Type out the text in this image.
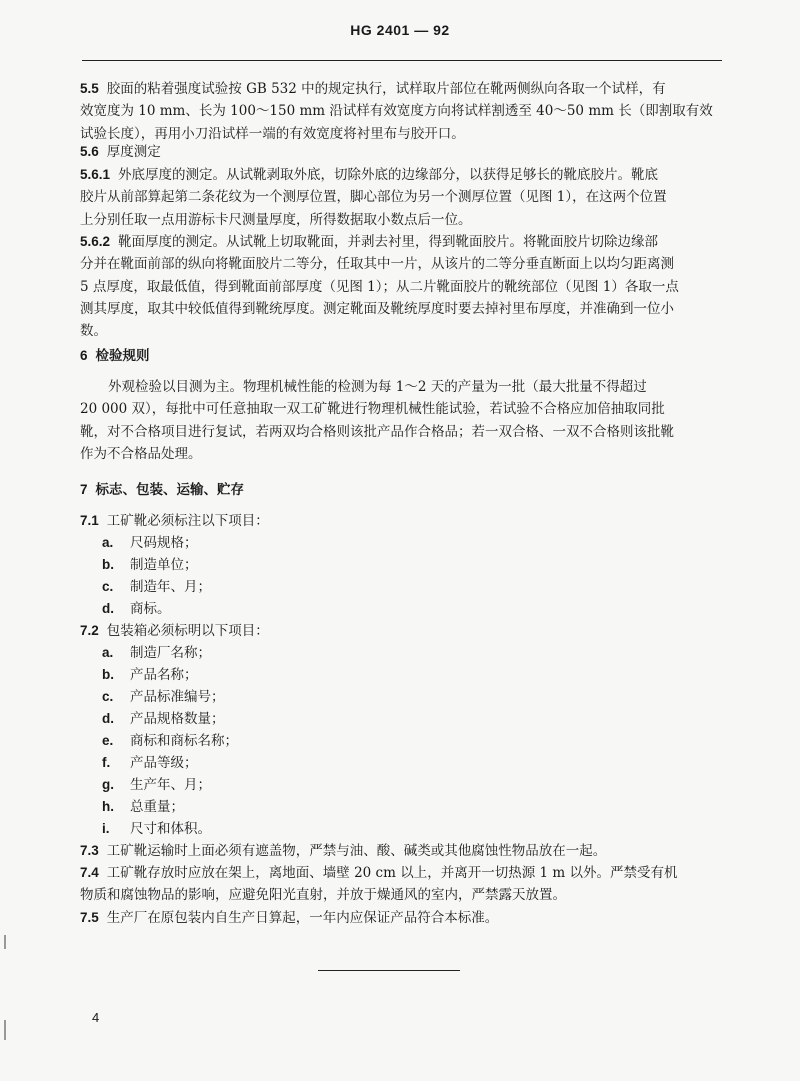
HG 2401 — 92
5.5 胶面的粘着强度试验按 GB 532 中的规定执行，试样取片部位在靴两侧纵向各取一个试样，有
效宽度为 10 mm、长为 100～150 mm 沿试样有效宽度方向将试样割透至 40～50 mm 长（即割取有效
试验长度），再用小刀沿试样一端的有效宽度将衬里布与胶开口。
5.6 厚度测定
5.6.1 外底厚度的测定。从试靴剥取外底，切除外底的边缘部分，以获得足够长的靴底胶片。靴底
胶片从前部算起第二条花纹为一个测厚位置，脚心部位为另一个测厚位置（见图 1），在这两个位置
上分别任取一点用游标卡尺测量厚度，所得数据取小数点后一位。
5.6.2 靴面厚度的测定。从试靴上切取靴面，并剥去衬里，得到靴面胶片。将靴面胶片切除边缘部
分并在靴面前部的纵向将靴面胶片二等分，任取其中一片，从该片的二等分垂直断面上以均匀距离测
5 点厚度，取最低值，得到靴面前部厚度（见图 1）；从二片靴面胶片的靴统部位（见图 1）各取一点
测其厚度，取其中较低值得到靴统厚度。测定靴面及靴统厚度时要去掉衬里布厚度，并准确到一位小
数。
6 检验规则
外观检验以目测为主。物理机械性能的检测为每 1～2 天的产量为一批（最大批量不得超过
20 000 双），每批中可任意抽取一双工矿靴进行物理机械性能试验，若试验不合格应加倍抽取同批
靴，对不合格项目进行复试，若两双均合格则该批产品作合格品；若一双合格、一双不合格则该批靴
作为不合格品处理。
7 标志、包装、运输、贮存
7.1 工矿靴必须标注以下项目：
a. 尺码规格；
b. 制造单位；
c. 制造年、月；
d. 商标。
7.2 包装箱必须标明以下项目：
a. 制造厂名称；
b. 产品名称；
c. 产品标准编号；
d. 产品规格数量；
e. 商标和商标名称；
f. 产品等级；
g. 生产年、月；
h. 总重量；
i. 尺寸和体积。
7.3 工矿靴运输时上面必须有遮盖物，严禁与油、酸、碱类或其他腐蚀性物品放在一起。
7.4 工矿靴存放时应放在架上，离地面、墙壁 20 cm 以上，并离开一切热源 1 m 以外。严禁受有机
物质和腐蚀物品的影响，应避免阳光直射，并放于燥通风的室内，严禁露天放置。
7.5 生产厂在原包装内自生产日算起，一年内应保证产品符合本标准。
4
